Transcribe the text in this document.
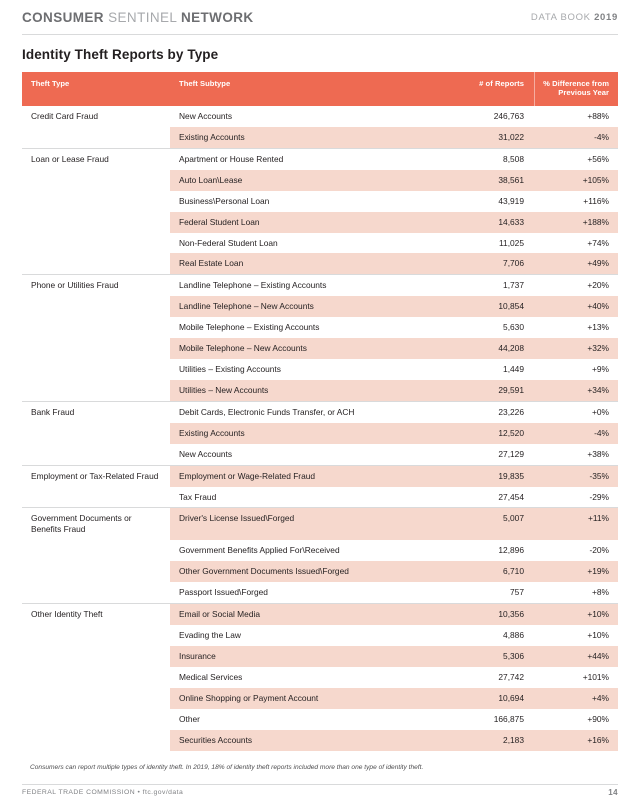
CONSUMER SENTINEL NETWORK	DATA BOOK 2019
Identity Theft Reports by Type
Theft Type	Theft Subtype	# of Reports	% Difference from Previous Year
Credit Card Fraud	New Accounts	246,763	+88%
	Existing Accounts	31,022	-4%
Loan or Lease Fraud	Apartment or House Rented	8,508	+56%
	Auto Loan\Lease	38,561	+105%
	Business\Personal Loan	43,919	+116%
	Federal Student Loan	14,633	+188%
	Non-Federal Student Loan	11,025	+74%
	Real Estate Loan	7,706	+49%
Phone or Utilities Fraud	Landline Telephone – Existing Accounts	1,737	+20%
	Landline Telephone – New Accounts	10,854	+40%
	Mobile Telephone – Existing Accounts	5,630	+13%
	Mobile Telephone – New Accounts	44,208	+32%
	Utilities – Existing Accounts	1,449	+9%
	Utilities – New Accounts	29,591	+34%
Bank Fraud	Debit Cards, Electronic Funds Transfer, or ACH	23,226	+0%
	Existing Accounts	12,520	-4%
	New Accounts	27,129	+38%
Employment or Tax-Related Fraud	Employment or Wage-Related Fraud	19,835	-35%
	Tax Fraud	27,454	-29%
Government Documents or Benefits Fraud	Driver's License Issued\Forged	5,007	+11%
	Government Benefits Applied For\Received	12,896	-20%
	Other Government Documents Issued\Forged	6,710	+19%
	Passport Issued\Forged	757	+8%
Other Identity Theft	Email or Social Media	10,356	+10%
	Evading the Law	4,886	+10%
	Insurance	5,306	+44%
	Medical Services	27,742	+101%
	Online Shopping or Payment Account	10,694	+4%
	Other	166,875	+90%
	Securities Accounts	2,183	+16%
Consumers can report multiple types of identity theft. In 2019, 18% of identity theft reports included more than one type of identity theft.
FEDERAL TRADE COMMISSION • ftc.gov/data	14
